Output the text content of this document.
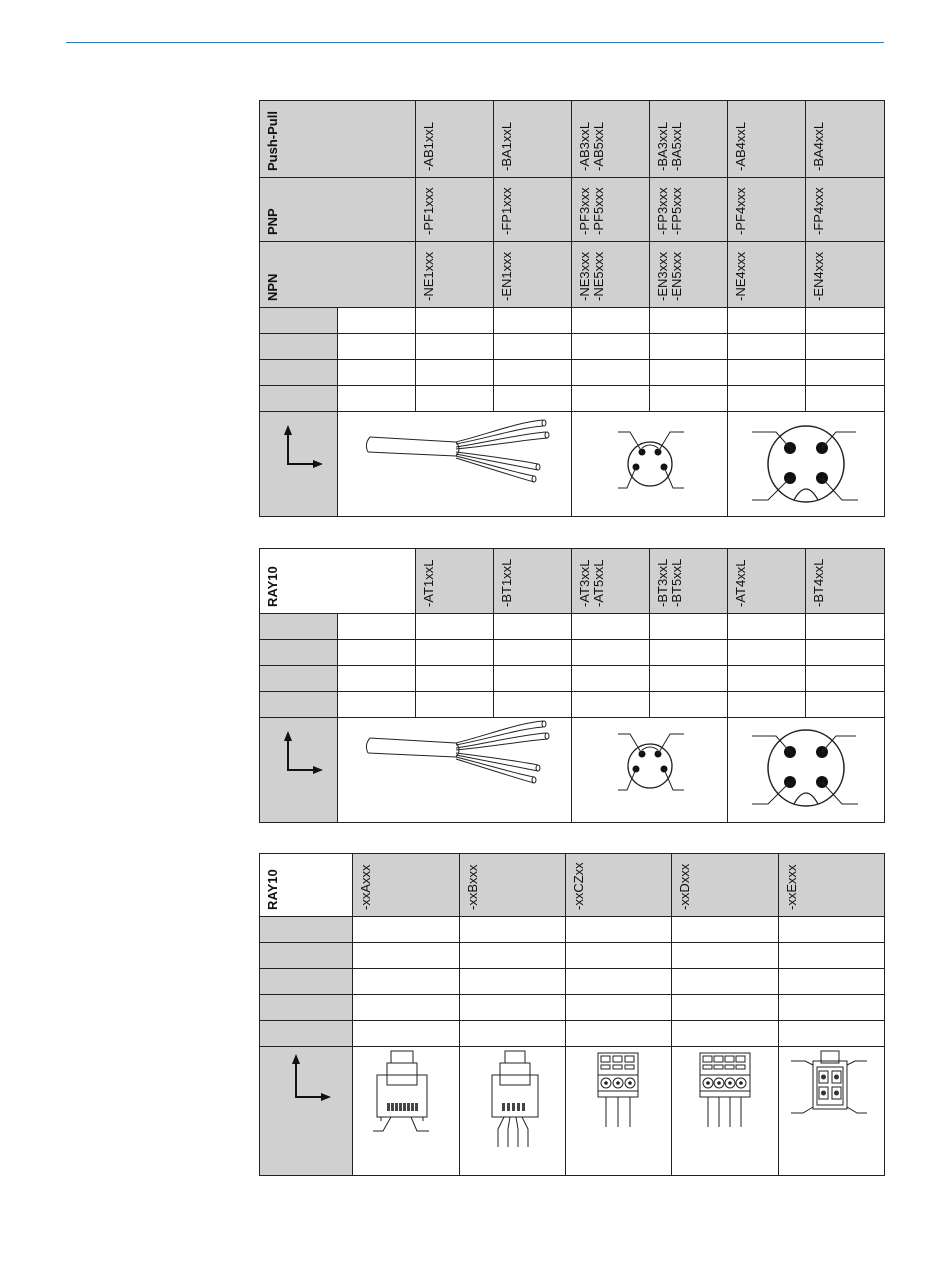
Push-Pull		-AB1xxL	-BA1xxL	-AB3xxL -AB5xxL	-BA3xxL -BA5xxL	-AB4xxL	-BA4xxL

PNP		-PF1xxx	-FP1xxx	-PF3xxx -PF5xxx	-FP3xxx -FP5xxx	-PF4xxx	-FP4xxx

NPN		-NE1xxx	-EN1xxx	-NE3xxx -NE5xxx	-EN3xxx -EN5xxx	-NE4xxx	-EN4xxx

RAY10		-AT1xxL	-BT1xxL	-AT3xxL -AT5xxL	-BT3xxL -BT5xxL	-AT4xxL	-BT4xxL

RAY10	-xxAxxx	-xxBxxx	-xxCZxx	-xxDxxx	-xxExxx
